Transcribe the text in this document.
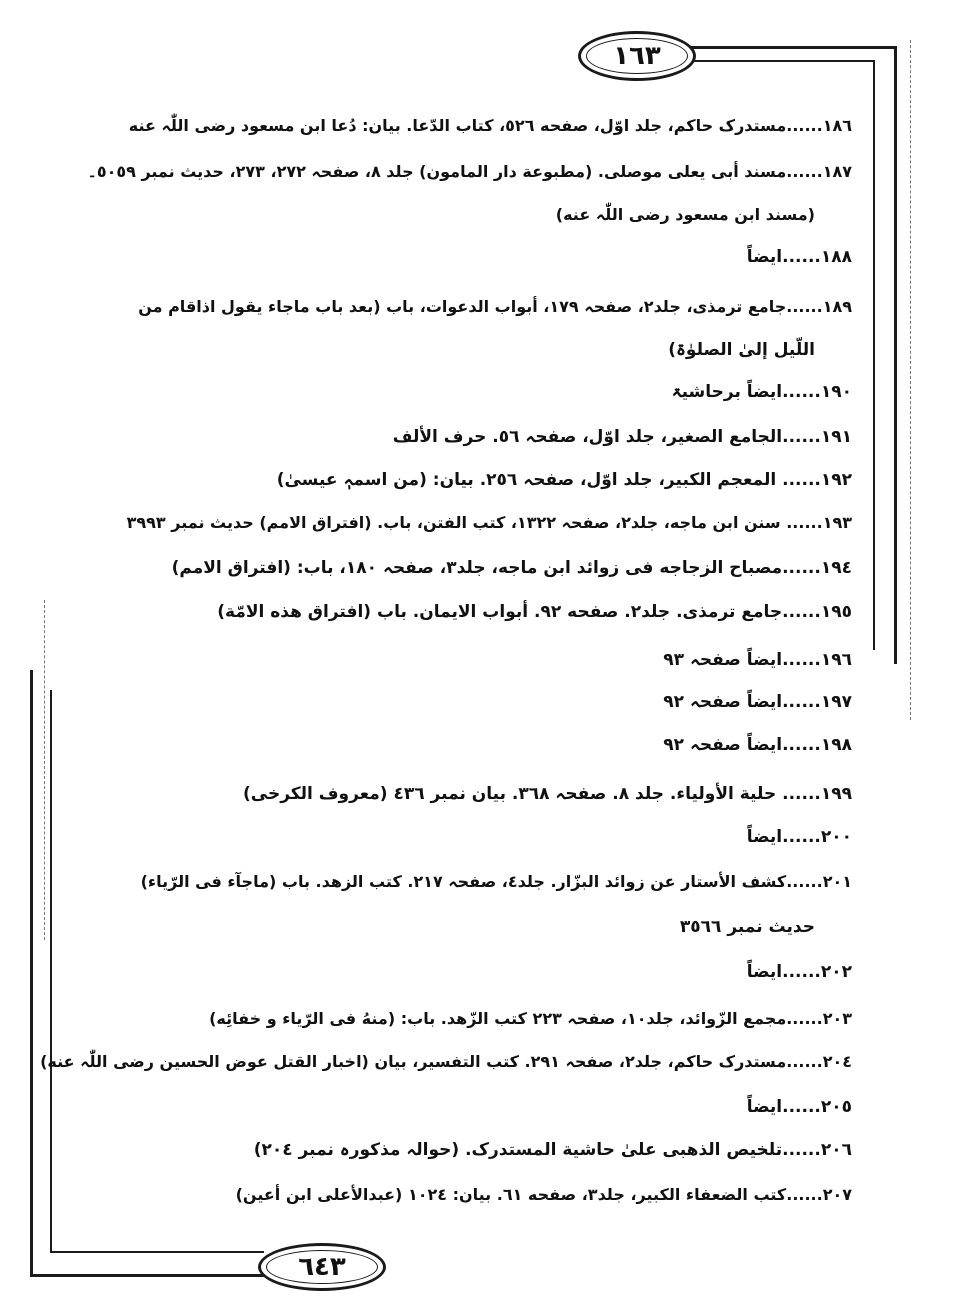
١٦٣
٦٤٣
١٨٦......مستدرک حاکم، جلد اوّل، صفحه ٥٢٦، کتاب الدّعا. بیان: دُعا ابن مسعود رضی اللّٰہ عنه
١٨٧......مسند أبی یعلی موصلی. (مطبوعة دار المامون) جلد ٨، صفحہ ٢٧٢، ٢٧٣، حدیث نمبر ٥٠٥٩۔
(مسند ابن مسعود رضی اللّٰہ عنه)
١٨٨......ایضاً
١٨٩......جامع ترمذی، جلد٢، صفحہ ١٧٩، أبواب الدعوات، باب (بعد باب ماجاء یقول اذاقام من
اللّیل إلیٰ الصلوٰۃ)
١٩٠......ایضاً برحاشیۃ
١٩١......الجامع الصغیر، جلد اوّل، صفحہ ٥٦. حرف الألف
١٩٢...... المعجم الکبیر، جلد اوّل، صفحہ ٢٥٦. بیان: (من اسمہٖ عیسیٰ)
١٩٣...... سنن ابن ماجه، جلد٢، صفحہ ١٣٢٢، کتب الفتن، باب. (افتراق الامم) حدیث نمبر ٣٩٩٣
١٩٤......مصباح الزجاجه فی زوائد ابن ماجه، جلد٣، صفحہ ١٨٠، باب: (افتراق الامم)
١٩٥......جامع ترمذی. جلد٢. صفحه ٩٢. أبواب الایمان. باب (افتراق هذه الامّة)
١٩٦......ایضاً صفحہ ٩٣
١٩٧......ایضاً صفحہ ٩٢
١٩٨......ایضاً صفحہ ٩٢
١٩٩...... حلیة الأولیاء. جلد ٨. صفحہ ٣٦٨. بیان نمبر ٤٣٦ (معروف الکرخی)
٢٠٠......ایضاً
٢٠١......کشف الأستار عن زوائد البزّار. جلد٤، صفحہ ٢١٧. کتب الزهد. باب (ماجآء فی الرّیاء)
حدیث نمبر ٣٥٦٦
٢٠٢......ایضاً
٢٠٣......مجمع الزّوائد، جلد١٠، صفحہ ٢٢٣ کتب الزّهد. باب: (منهُ فی الرّیاء و خفائِه)
٢٠٤......مستدرک حاکم، جلد٢، صفحہ ٢٩١. کتب التفسیر، بیان (اخبار القتل عوض الحسین رضی اللّٰہ عنه)
٢٠٥......ایضاً
٢٠٦......تلخیص الذهبی علیٰ حاشیة المستدرک. (حوالہ مذکورہ نمبر ٢٠٤)
٢٠٧......کتب الضعفاء الکبیر، جلد٣، صفحه ٦١. بیان: ١٠٢٤ (عبدالأعلی ابن أعین)
